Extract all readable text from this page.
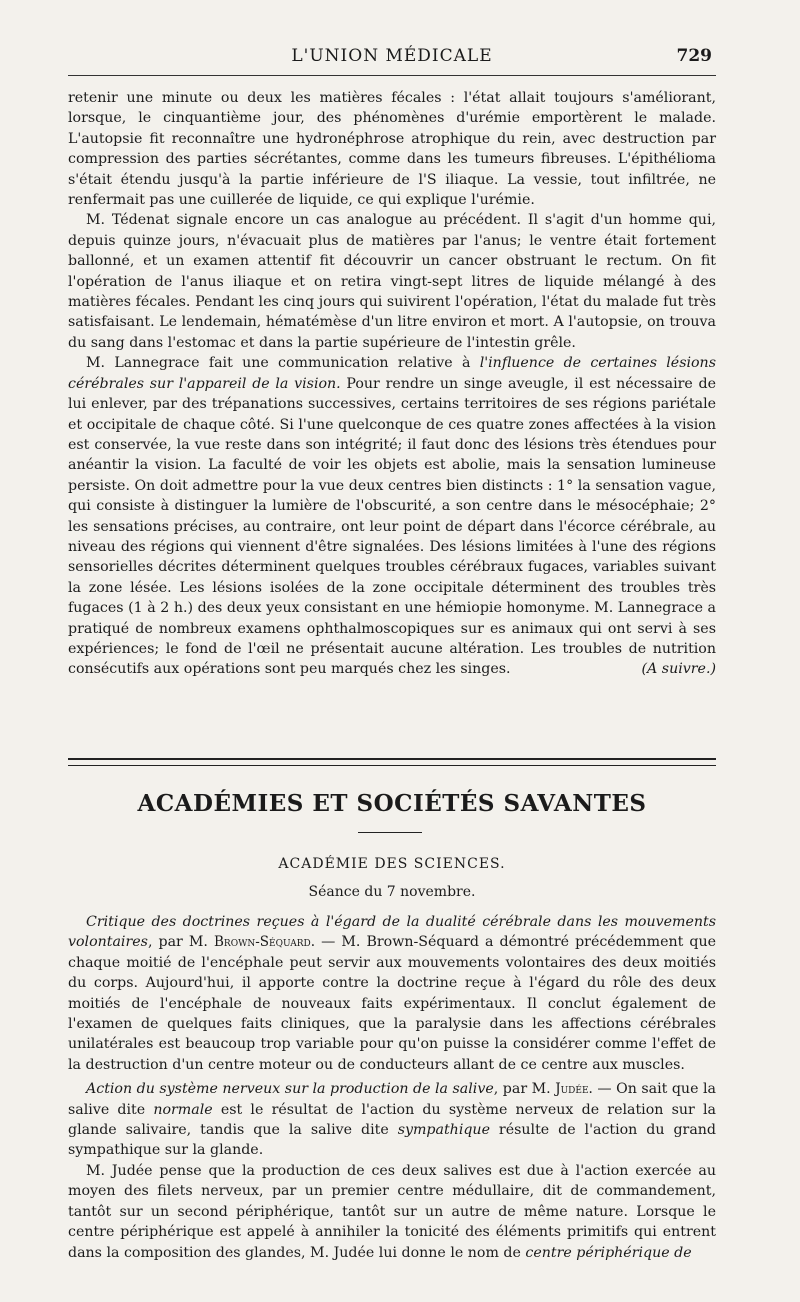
L'UNION MÉDICALE	729

retenir une minute ou deux les matières fécales : l'état allait toujours s'améliorant, lorsque, le cinquantième jour, des phénomènes d'urémie emportèrent le malade. L'autopsie fit reconnaître une hydronéphrose atrophique du rein, avec destruction par compression des parties sécrétantes, comme dans les tumeurs fibreuses. L'épithélioma s'était étendu jusqu'à la partie inférieure de l'S iliaque. La vessie, tout infiltrée, ne renfermait pas une cuillerée de liquide, ce qui explique l'urémie.

M. Tédenat signale encore un cas analogue au précédent. Il s'agit d'un homme qui, depuis quinze jours, n'évacuait plus de matières par l'anus; le ventre était fortement ballonné, et un examen attentif fit découvrir un cancer obstruant le rectum. On fit l'opération de l'anus iliaque et on retira vingt-sept litres de liquide mélangé à des matières fécales. Pendant les cinq jours qui suivirent l'opération, l'état du malade fut très satisfaisant. Le lendemain, hématémèse d'un litre environ et mort. A l'autopsie, on trouva du sang dans l'estomac et dans la partie supérieure de l'intestin grêle.

M. Lannegrace fait une communication relative à l'influence de certaines lésions cérébrales sur l'appareil de la vision. Pour rendre un singe aveugle, il est nécessaire de lui enlever, par des trépanations successives, certains territoires de ses régions pariétale et occipitale de chaque côté. Si l'une quelconque de ces quatre zones affectées à la vision est conservée, la vue reste dans son intégrité; il faut donc des lésions très étendues pour anéantir la vision. La faculté de voir les objets est abolie, mais la sensation lumineuse persiste. On doit admettre pour la vue deux centres bien distincts : 1° la sensation vague, qui consiste à distinguer la lumière de l'obscurité, a son centre dans le mésocéphaie; 2° les sensations précises, au contraire, ont leur point de départ dans l'écorce cérébrale, au niveau des régions qui viennent d'être signalées. Des lésions limitées à l'une des régions sensorielles décrites déterminent quelques troubles cérébraux fugaces, variables suivant la zone lésée. Les lésions isolées de la zone occipitale déterminent des troubles très fugaces (1 à 2 h.) des deux yeux consistant en une hémiopie homonyme. M. Lannegrace a pratiqué de nombreux examens ophthalmoscopiques sur es animaux qui ont servi à ses expériences; le fond de l'œil ne présentait aucune altération. Les troubles de nutrition consécutifs aux opérations sont peu marqués chez les singes.	(A suivre.)

ACADÉMIES ET SOCIÉTÉS SAVANTES
ACADÉMIE DES SCIENCES.
Séance du 7 novembre.

Critique des doctrines reçues à l'égard de la dualité cérébrale dans les mouvements volontaires, par M. Brown-Séquard. — M. Brown-Séquard a démontré précédemment que chaque moitié de l'encéphale peut servir aux mouvements volontaires des deux moitiés du corps. Aujourd'hui, il apporte contre la doctrine reçue à l'égard du rôle des deux moitiés de l'encéphale de nouveaux faits expérimentaux. Il conclut également de l'examen de quelques faits cliniques, que la paralysie dans les affections cérébrales unilatérales est beaucoup trop variable pour qu'on puisse la considérer comme l'effet de la destruction d'un centre moteur ou de conducteurs allant de ce centre aux muscles.

Action du système nerveux sur la production de la salive, par M. Judée. — On sait que la salive dite normale est le résultat de l'action du système nerveux de relation sur la glande salivaire, tandis que la salive dite sympathique résulte de l'action du grand sympathique sur la glande.

M. Judée pense que la production de ces deux salives est due à l'action exercée au moyen des filets nerveux, par un premier centre médullaire, dit de commandement, tantôt sur un second périphérique, tantôt sur un autre de même nature. Lorsque le centre périphérique est appelé à annihiler la tonicité des éléments primitifs qui entrent dans la composition des glandes, M. Judée lui donne le nom de centre périphérique de
